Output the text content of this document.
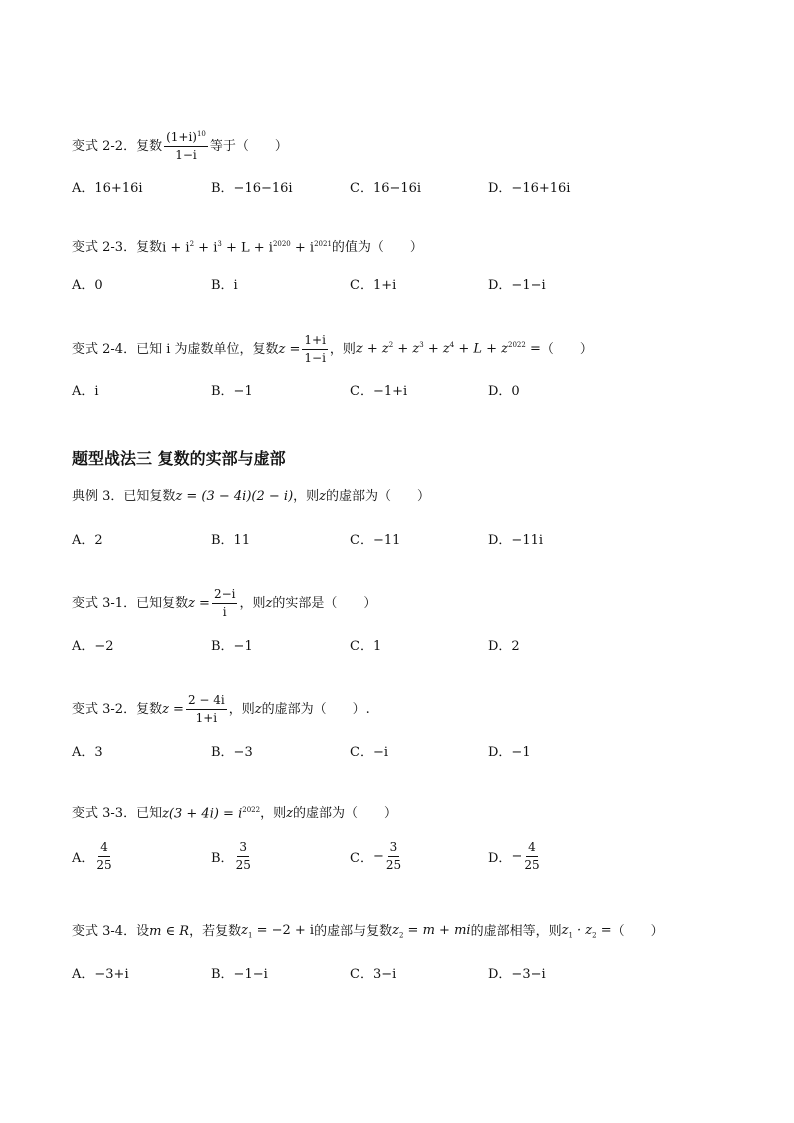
变式 2-2．复数 $\frac{(1+i)^{10}}{1-i}$ 等于（　　）
A．16+16i	B．−16−16i	C．16−16i	D．−16+16i
变式 2-3．复数 $i + i^2 + i^3 + L + i^{2020} + i^{2021}$ 的值为（　　）
A．0	B．i	C．1+i	D．−1−i
变式 2-4．已知 i 为虚数单位，复数 $z = \frac{1+i}{1-i}$ ，则 $z + z^2 + z^3 + z^4 + L + z^{2022}$ = （　　）
A．i	B．−1	C．−1+i	D．0
题型战法三 复数的实部与虚部
典例 3．已知复数 z = (3 − 4i)(2 − i) ，则 z 的虚部为（　　）
A．2	B．11	C．−11	D．−11i
变式 3-1．已知复数 $z = \frac{2-i}{i}$ ，则 z 的实部是（　　）
A．−2	B．−1	C．1	D．2
变式 3-2．复数 $z = \frac{2 - 4i}{1+i}$ ，则 z 的虚部为（　　）.
A．3	B．−3	C．−i	D．−1
变式 3-3．已知 $z(3 + 4i) = i^{2022}$ ，则 z 的虚部为（　　）
A． $\frac{4}{25}$	B． $\frac{3}{25}$	C． − $\frac{3}{25}$	D． − $\frac{4}{25}$
变式 3-4．设 m ∈ R ，若复数 $z_1 = -2 + i$ 的虚部与复数 $z_2 = m$ + mi 的虚部相等，则 $z_1 \cdot z_2$ = （　　）
A．−3+i	B．−1−i	C．3−i	D．−3−i
